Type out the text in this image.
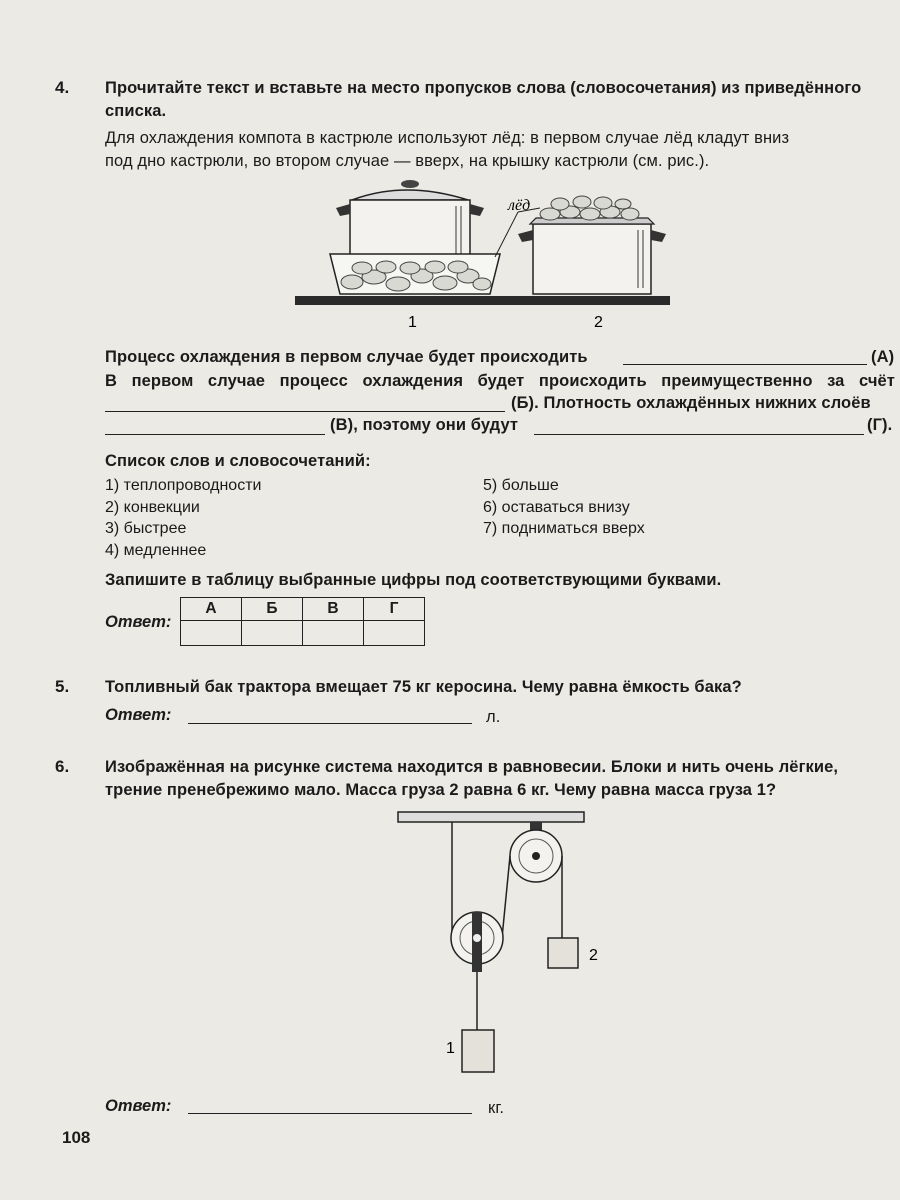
4. Прочитайте текст и вставьте на место пропусков слова (словосочетания) из приведённого
списка.
Для охлаждения компота в кастрюле используют лёд: в первом случае лёд кладут вниз
под дно кастрюли, во втором случае — вверх, на крышку кастрюли (см. рис.).
лёд
1	2
Процесс охлаждения в первом случае будет происходить	(А)
В первом случае процесс охлаждения будет происходить преимущественно за счёт
(Б). Плотность охлаждённых нижних слоёв
(В), поэтому они будут	(Г).
Список слов и словосочетаний:
1) теплопроводности
2) конвекции
3) быстрее
4) медленнее
5) больше
6) оставаться внизу
7) подниматься вверх
Запишите в таблицу выбранные цифры под соответствующими буквами.
Ответ:
А	Б	В	Г

5. Топливный бак трактора вмещает 75 кг керосина. Чему равна ёмкость бака?
Ответ:	л.
6. Изображённая на рисунке система находится в равновесии. Блоки и нить очень лёгкие,
трение пренебрежимо мало. Масса груза 2 равна 6 кг. Чему равна масса груза 1?
2
1
Ответ:	кг.
108
